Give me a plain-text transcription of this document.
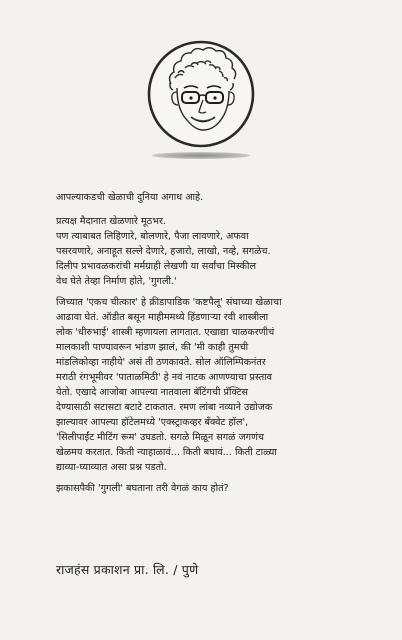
आपल्याकडची खेळाची दुनिया अगाध आहे.

प्रत्यक्ष मैदानात खेळणारे मूठभर.
पण त्याबाबत लिहिणारे, बोलणारे, पैजा लावणारे, अफवा
पसरवणारे, अनाहूत सल्ले देणारे, हजारो, लाखो, नव्हे, सगळेच.
दिलीप प्रभावळकरांची मर्मग्राही लेखणी या सर्वांचा मिस्कील
वेध घेते तेव्हा निर्माण होते, 'गुगली.'

जिच्यात 'एकच चीत्कार' हे क्रीडापाडिक 'कष्टपैलू' संघाच्या खेळाचा
आढावा घेतं. ऑडीत बसून माहीममध्ये हिंडणाऱ्या रवी शास्त्रीला
लोक 'धीरुभाई' शास्त्री म्हणायला लागतात. एखाद्या चाळकरणीचं
मालकाशी पाण्यावरून भांडण झालं, की 'मी काही तुमची
मांडलिकोव्हा नाहीये' असं ती ठणकावते. सोल ऑलिम्पिकनंतर
मराठी रंगभूमीवर 'पाताळमिठी' हे नवं नाटक आणण्याचा प्रस्ताव
येतो. एखादे आजोबा आपल्या नातवाला बॅटिंगची प्रॅक्टिस
देण्यासाठी सटासटा बटाटे टाकतात. रमण लांबा नव्याने उद्योजक
झाल्यावर आपल्या हॉटेलमध्ये 'एक्स्ट्राकव्हर बँक्वेट हॉल',
'सिलीपाईंट मीटिंग रूम' उघडतो. सगळे मिळून सगळं जगणंच
खेळमय करतात. किती न्याहाळावं... किती बघावं... किती टाळ्या
द्याव्या-घ्याव्यात असा प्रश्न पडतो.

झकासपैकी 'गुगली' बघताना तरी वेगळं काय होतं?

राजहंस प्रकाशन प्रा. लि. / पुणे
